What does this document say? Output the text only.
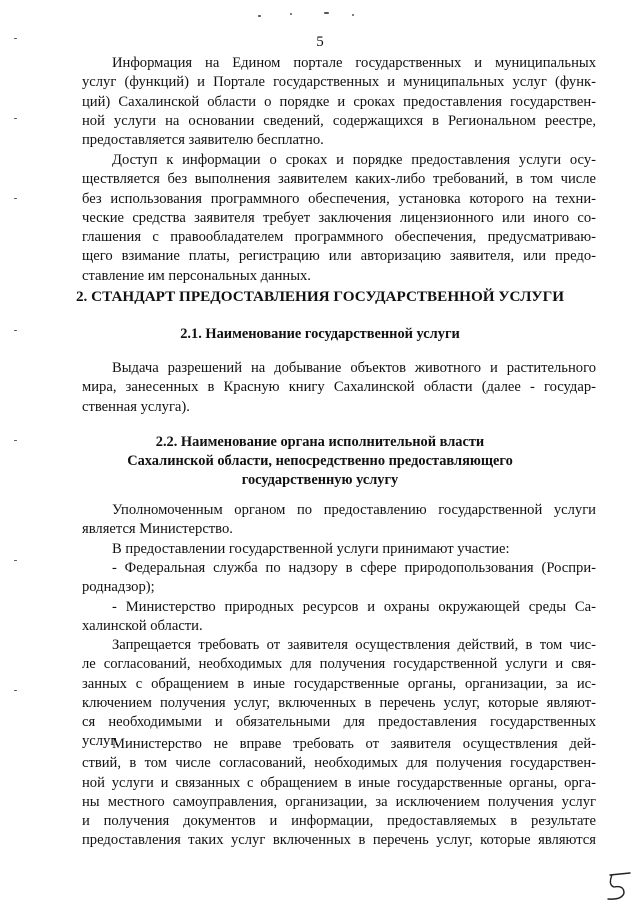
5

Информация на Едином портале государственных и муниципальных
услуг (функций) и Портале государственных и муниципальных услуг (функ-
ций) Сахалинской области о порядке и сроках предоставления государствен-
ной услуги на основании сведений, содержащихся в Региональном реестре,
предоставляется заявителю бесплатно.

Доступ к информации о сроках и порядке предоставления услуги осу-
ществляется без выполнения заявителем каких-либо требований, в том числе
без использования программного обеспечения, установка которого на техни-
ческие средства заявителя требует заключения лицензионного или иного со-
глашения с правообладателем программного обеспечения, предусматриваю-
щего взимание платы, регистрацию или авторизацию заявителя, или предо-
ставление им персональных данных.

2. СТАНДАРТ ПРЕДОСТАВЛЕНИЯ ГОСУДАРСТВЕННОЙ УСЛУГИ
2.1. Наименование государственной услуги

Выдача разрешений на добывание объектов животного и растительного
мира, занесенных в Красную книгу Сахалинской области (далее - государ-
ственная услуга).

2.2. Наименование органа исполнительной власти
Сахалинской области, непосредственно предоставляющего
государственную услугу

Уполномоченным органом по предоставлению государственной услуги
является Министерство.

В предоставлении государственной услуги принимают участие:

- Федеральная служба по надзору в сфере природопользования (Роспри-
роднадзор);

- Министерство природных ресурсов и охраны окружающей среды Са-
халинской области.

Запрещается требовать от заявителя осуществления действий, в том чис-
ле согласований, необходимых для получения государственной услуги и свя-
занных с обращением в иные государственные органы, организации, за ис-
ключением получения услуг, включенных в перечень услуг, которые являют-
ся необходимыми и обязательными для предоставления государственных
услуг.

Министерство не вправе требовать от заявителя осуществления дей-
ствий, в том числе согласований, необходимых для получения государствен-
ной услуги и связанных с обращением в иные государственные органы, орга-
ны местного самоуправления, организации, за исключением получения услуг
и получения документов и информации, предоставляемых в результате
предоставления таких услуг включенных в перечень услуг, которые являются
